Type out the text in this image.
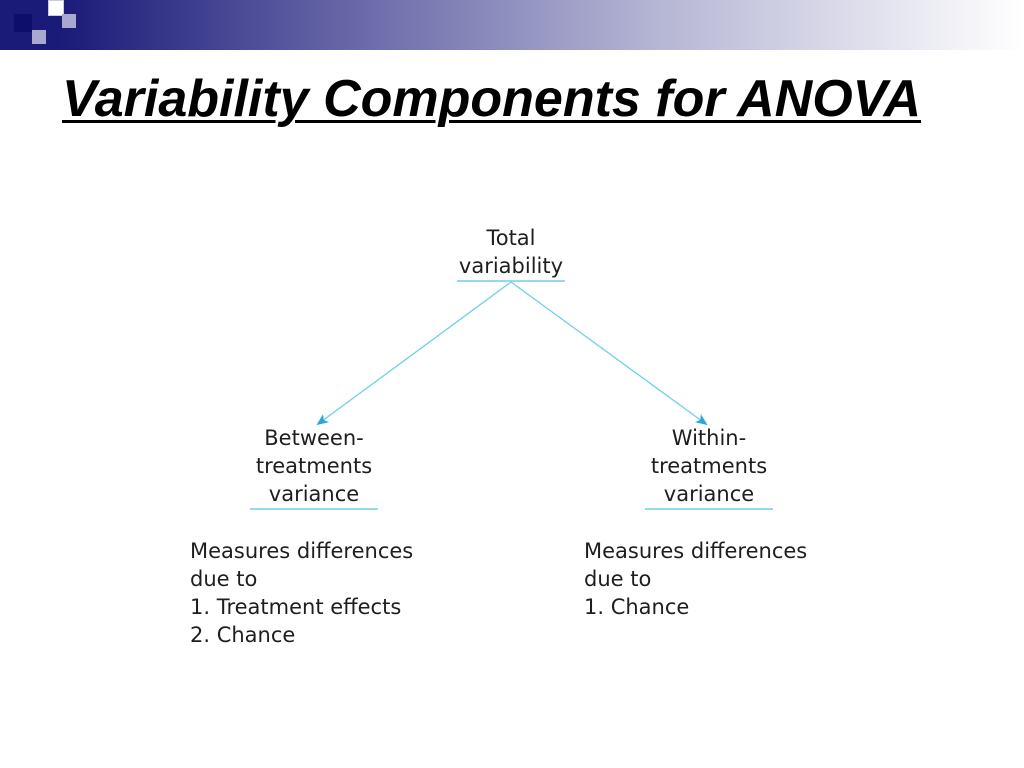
Variability Components for ANOVA
Total
variability
Between-
treatments
variance
Within-
treatments
variance
Measures differences
due to
1. Treatment effects
2. Chance
Measures differences
due to
1. Chance
